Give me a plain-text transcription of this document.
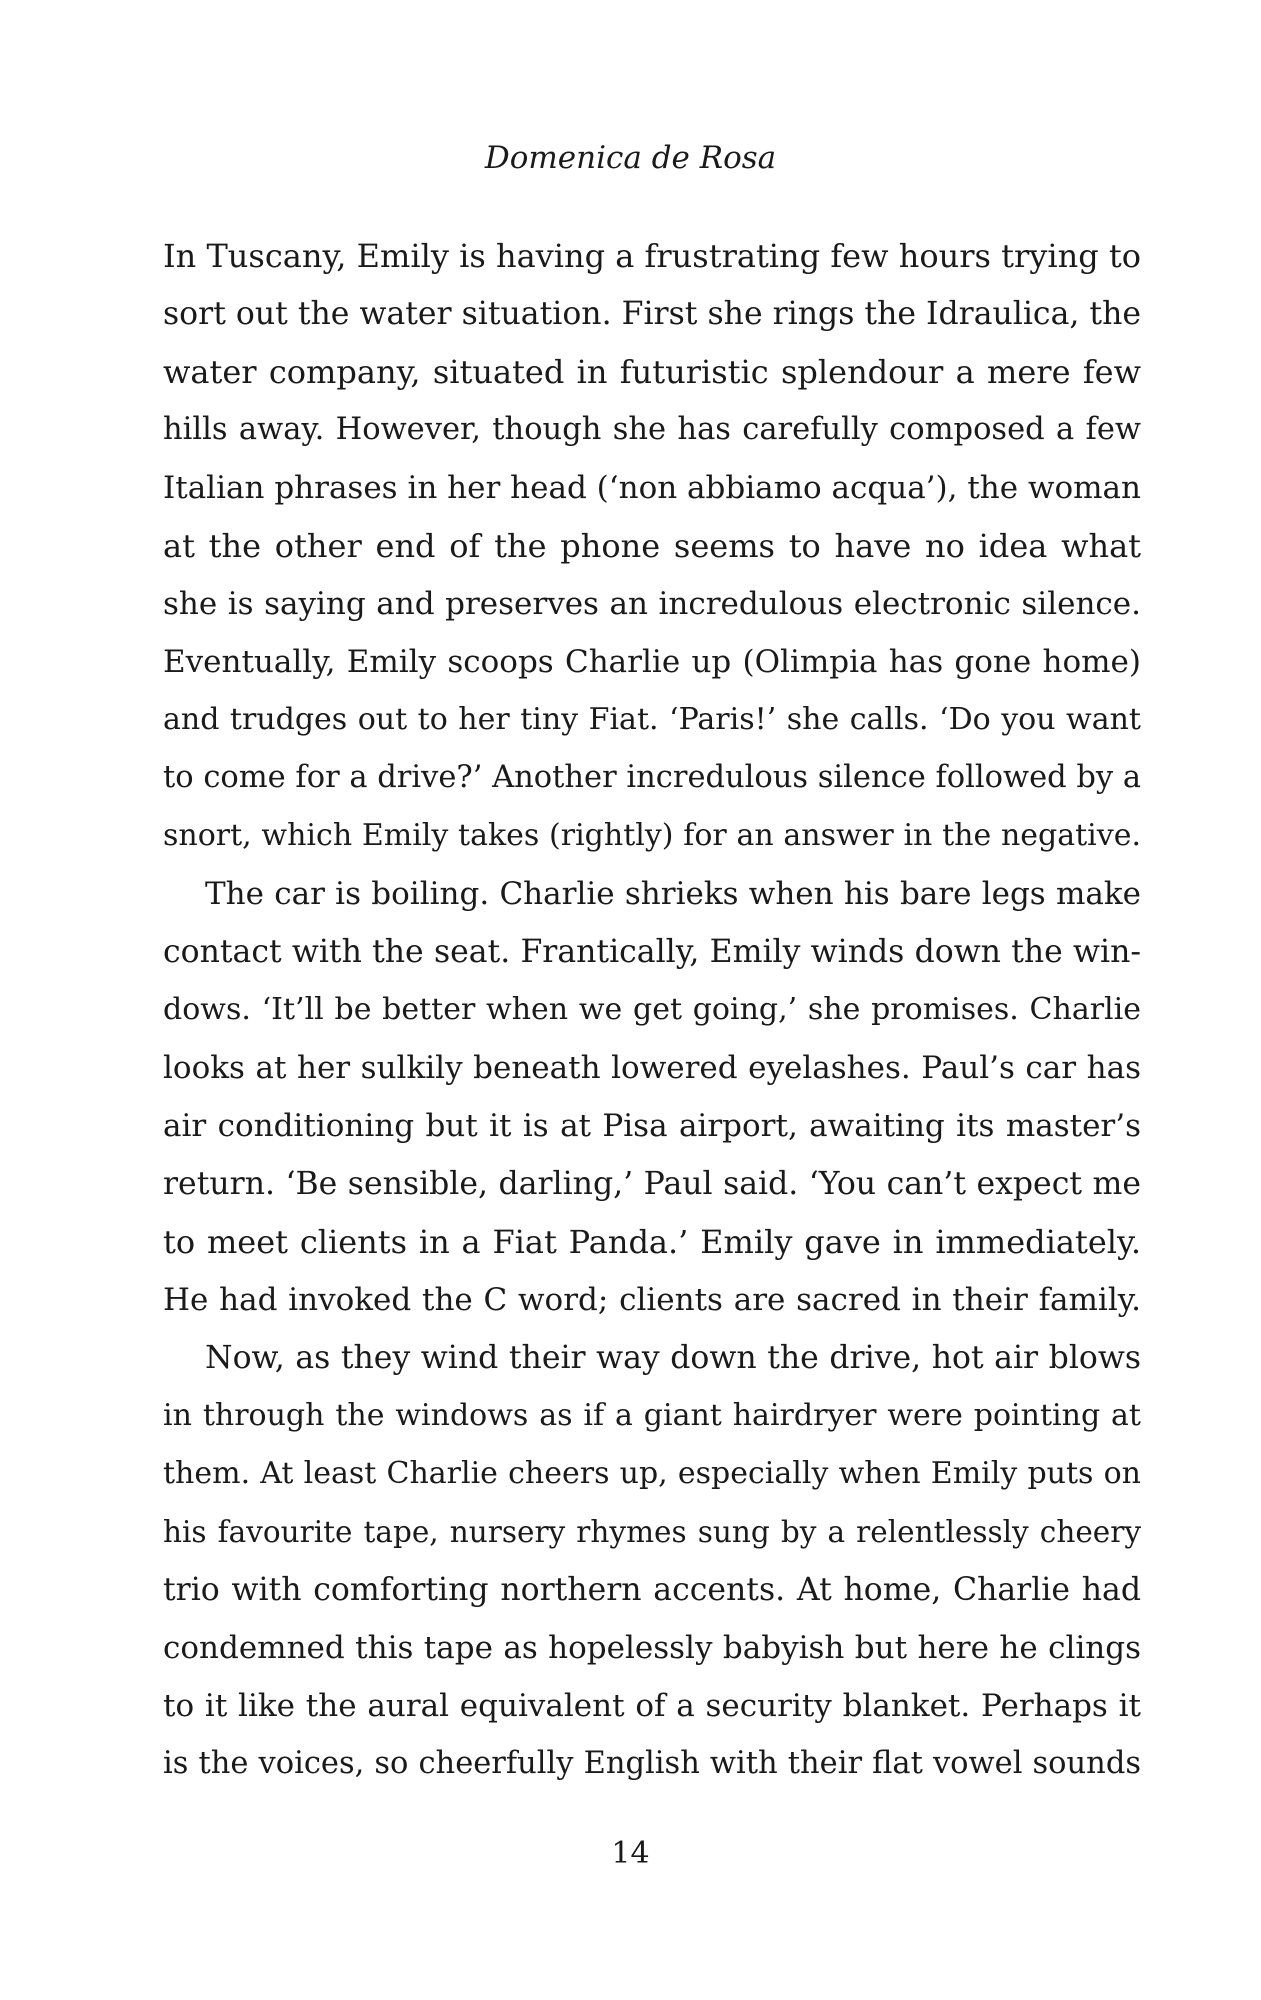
Domenica de Rosa
In Tuscany, Emily is having a frustrating few hours trying to
sort out the water situation. First she rings the Idraulica, the
water company, situated in futuristic splendour a mere few
hills away. However, though she has carefully composed a few
Italian phrases in her head (‘non abbiamo acqua’), the woman
at the other end of the phone seems to have no idea what
she is saying and preserves an incredulous electronic silence.
Eventually, Emily scoops Charlie up (Olimpia has gone home)
and trudges out to her tiny Fiat. ‘Paris!’ she calls. ‘Do you want
to come for a drive?’ Another incredulous silence followed by a
snort, which Emily takes (rightly) for an answer in the negative.
The car is boiling. Charlie shrieks when his bare legs make
contact with the seat. Frantically, Emily winds down the win-
dows. ‘It’ll be better when we get going,’ she promises. Charlie
looks at her sulkily beneath lowered eyelashes. Paul’s car has
air conditioning but it is at Pisa airport, awaiting its master’s
return. ‘Be sensible, darling,’ Paul said. ‘You can’t expect me
to meet clients in a Fiat Panda.’ Emily gave in immediately.
He had invoked the C word; clients are sacred in their family.
Now, as they wind their way down the drive, hot air blows
in through the windows as if a giant hairdryer were pointing at
them. At least Charlie cheers up, especially when Emily puts on
his favourite tape, nursery rhymes sung by a relentlessly cheery
trio with comforting northern accents. At home, Charlie had
condemned this tape as hopelessly babyish but here he clings
to it like the aural equivalent of a security blanket. Perhaps it
is the voices, so cheerfully English with their flat vowel sounds
14
